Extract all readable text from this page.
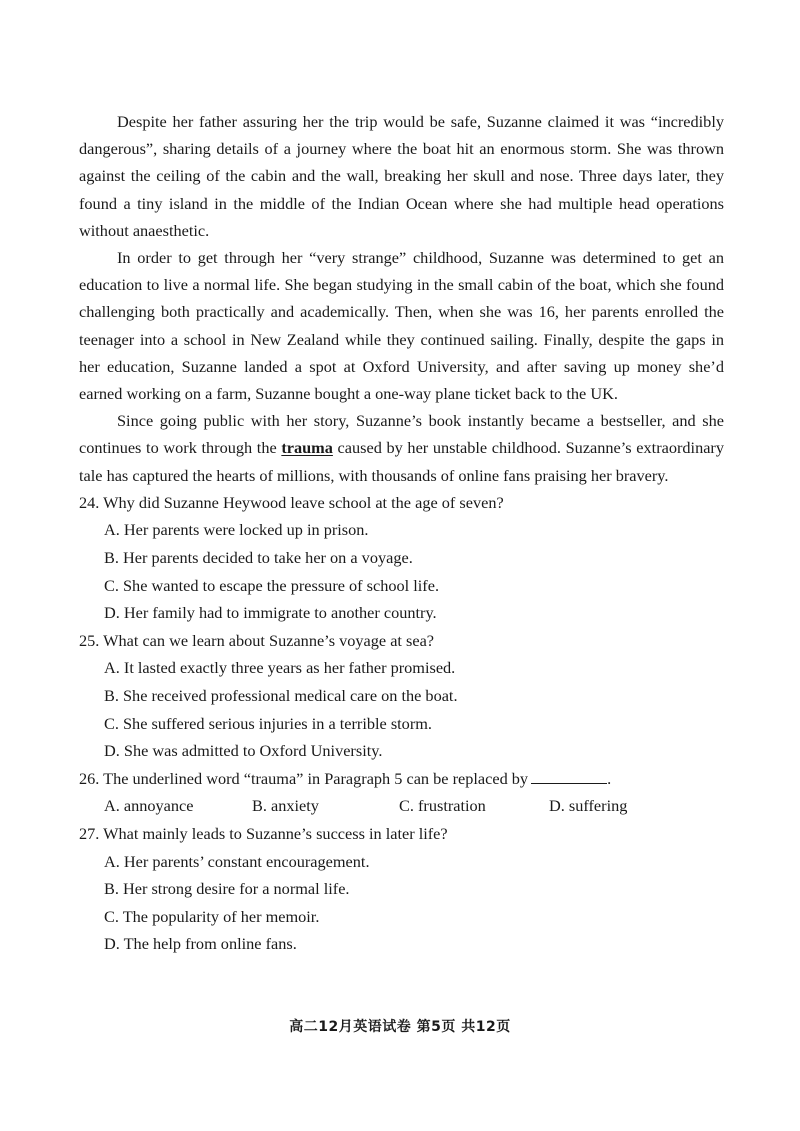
Despite her father assuring her the trip would be safe, Suzanne claimed it was “incredibly dangerous”, sharing details of a journey where the boat hit an enormous storm. She was thrown against the ceiling of the cabin and the wall, breaking her skull and nose. Three days later, they found a tiny island in the middle of the Indian Ocean where she had multiple head operations without anaesthetic.

In order to get through her “very strange” childhood, Suzanne was determined to get an education to live a normal life. She began studying in the small cabin of the boat, which she found challenging both practically and academically. Then, when she was 16, her parents enrolled the teenager into a school in New Zealand while they continued sailing. Finally, despite the gaps in her education, Suzanne landed a spot at Oxford University, and after saving up money she’d earned working on a farm, Suzanne bought a one-way plane ticket back to the UK.

Since going public with her story, Suzanne’s book instantly became a bestseller, and she continues to work through the trauma caused by her unstable childhood. Suzanne’s extraordinary tale has captured the hearts of millions, with thousands of online fans praising her bravery.

24. Why did Suzanne Heywood leave school at the age of seven?

A. Her parents were locked up in prison.

B. Her parents decided to take her on a voyage.

C. She wanted to escape the pressure of school life.

D. Her family had to immigrate to another country.

25. What can we learn about Suzanne’s voyage at sea?

A. It lasted exactly three years as her father promised.

B. She received professional medical care on the boat.

C. She suffered serious injuries in a terrible storm.

D. She was admitted to Oxford University.

26. The underlined word “trauma” in Paragraph 5 can be replaced by	.

A. annoyance	B. anxiety	C. frustration	D. suffering

27. What mainly leads to Suzanne’s success in later life?

A. Her parents’ constant encouragement.

B. Her strong desire for a normal life.

C. The popularity of her memoir.

D. The help from online fans.

高二12月英语试卷 第5页 共12页
